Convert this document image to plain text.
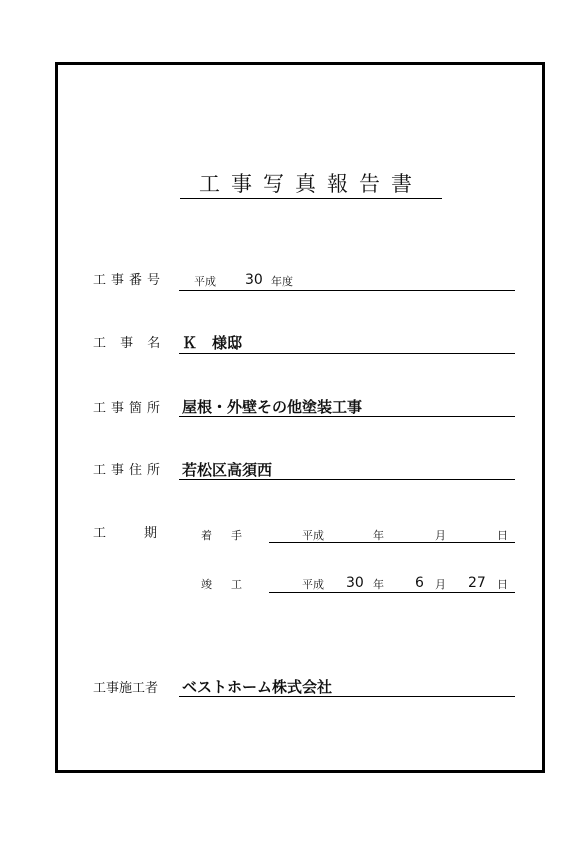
工事写真報告書
工事番号	平成 30 年度
工 事 名 Ｋ　様邸
工事箇所 屋根・外壁その他塗装工事
工事住所 若松区高須西
工　　期	着　手	平成	年	月	日
竣　工	平成 30 年 6 月 27 日
工事施工者 ベストホーム株式会社
